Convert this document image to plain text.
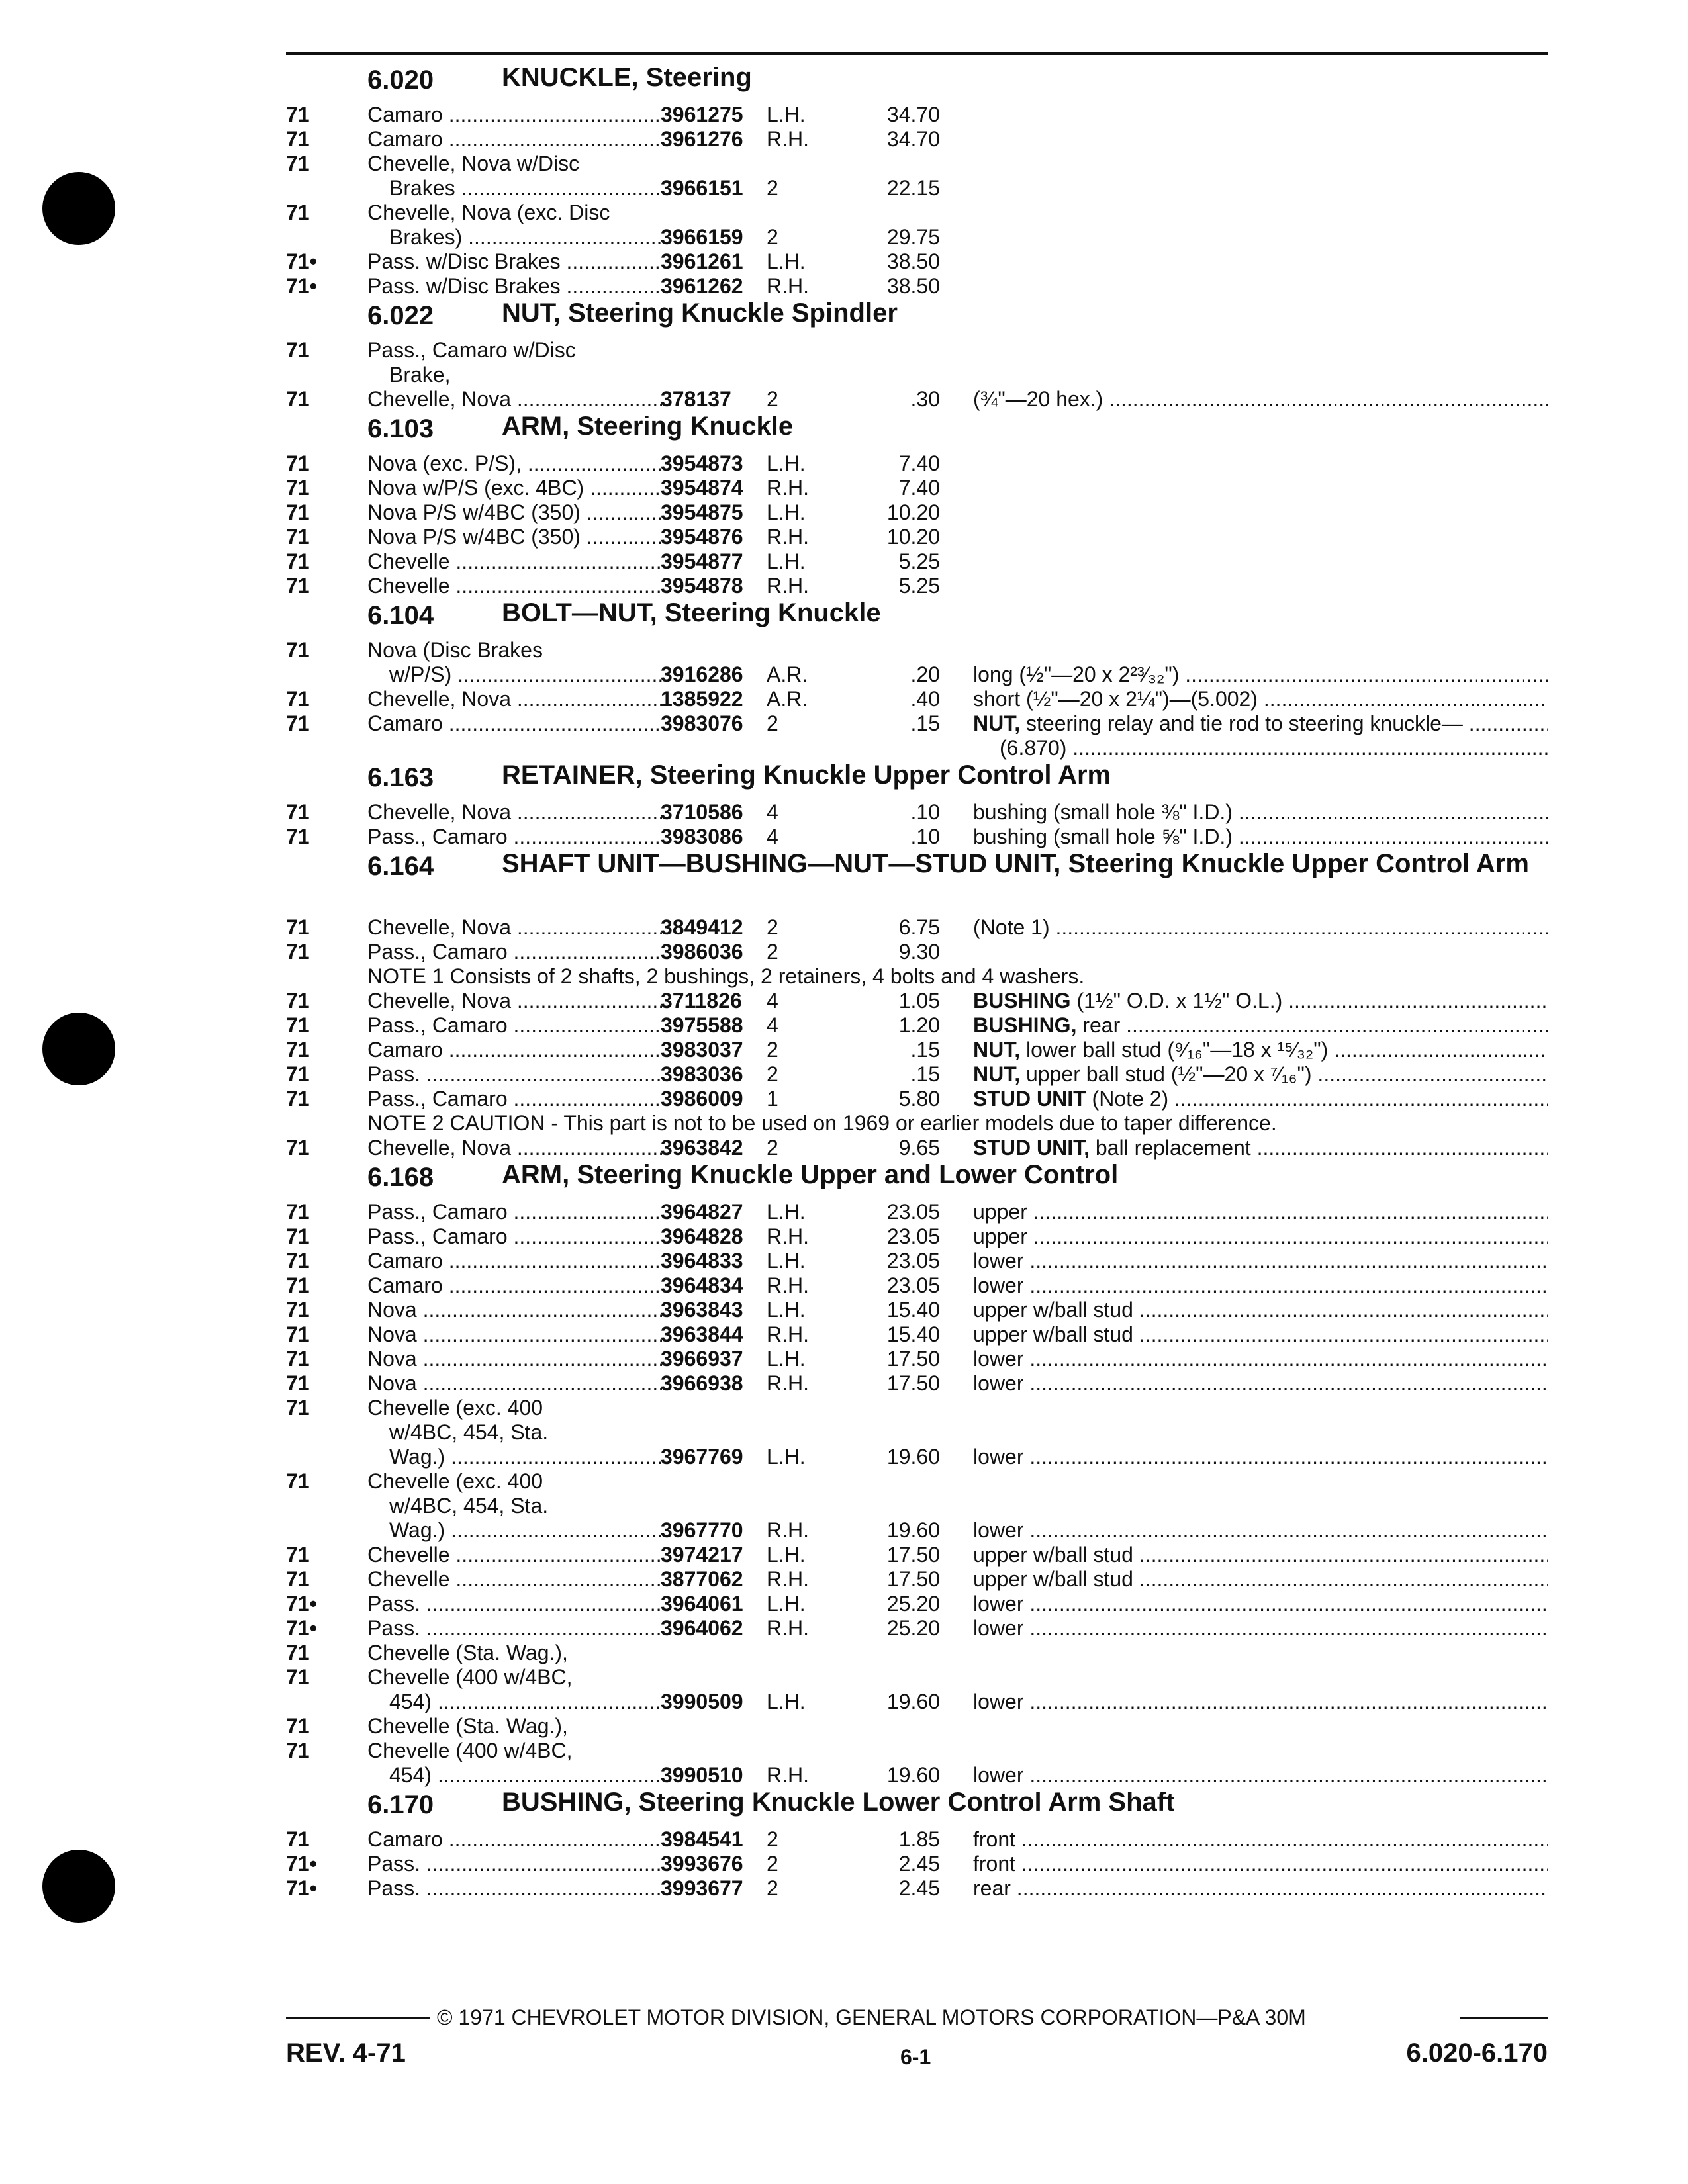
6.020	KNUCKLE, Steering
71	Camaro .....	3961275 L.H.	34.70
71	Camaro .....	3961276 R.H.	34.70
71	Chevelle, Nova w/Disc
Brakes .....	3966151 2	22.15
71	Chevelle, Nova (exc. Disc
Brakes) .....	3966159 2	29.75
71•	Pass. w/Disc Brakes .....	3961261 L.H.	38.50
71•	Pass. w/Disc Brakes .....	3961262 R.H.	38.50
6.022	NUT, Steering Knuckle Spindler
71	Pass., Camaro w/Disc
Brake,
71	Chevelle, Nova .....	378137 2	.30 (¾"—20 hex.) .....
6.103	ARM, Steering Knuckle
71	Nova (exc. P/S), .....	3954873 L.H.	7.40
71	Nova w/P/S (exc. 4BC) .....	3954874 R.H.	7.40
71	Nova P/S w/4BC (350) .....	3954875 L.H.	10.20
71	Nova P/S w/4BC (350) .....	3954876 R.H.	10.20
71	Chevelle .....	3954877 L.H.	5.25
71	Chevelle .....	3954878 R.H.	5.25
6.104	BOLT—NUT, Steering Knuckle
71	Nova (Disc Brakes
w/P/S) .....	3916286 A.R.	.20 long (½"—20 x 2²³⁄₃₂") .....
71	Chevelle, Nova .....	1385922 A.R.	.40 short (½"—20 x 2¼")—(5.002) .....
71	Camaro .....	3983076 2	.15 NUT, steering relay and tie rod to steering knuckle— .....
(6.870) .....
6.163	RETAINER, Steering Knuckle Upper Control Arm
71	Chevelle, Nova .....	3710586 4	.10 bushing (small hole ⅜" I.D.) .....
71	Pass., Camaro .....	3983086 4	.10 bushing (small hole ⅝" I.D.) .....
6.164	SHAFT UNIT—BUSHING—NUT—STUD UNIT, Steering Knuckle Upper Control Arm
71	Chevelle, Nova .....	3849412 2	6.75 (Note 1) .....
71	Pass., Camaro .....	3986036 2	9.30
NOTE 1 Consists of 2 shafts, 2 bushings, 2 retainers, 4 bolts and 4 washers.
71	Chevelle, Nova .....	3711826 4	1.05 BUSHING (1½" O.D. x 1½" O.L.) .....
71	Pass., Camaro .....	3975588 4	1.20 BUSHING, rear .....
71	Camaro .....	3983037 2	.15 NUT, lower ball stud (⁹⁄₁₆"—18 x ¹⁵⁄₃₂") .....
71	Pass. .....	3983036 2	.15 NUT, upper ball stud (½"—20 x ⁷⁄₁₆") .....
71	Pass., Camaro .....	3986009 1	5.80 STUD UNIT (Note 2) .....
NOTE 2 CAUTION - This part is not to be used on 1969 or earlier models due to taper difference.
71	Chevelle, Nova .....	3963842 2	9.65 STUD UNIT, ball replacement .....
6.168	ARM, Steering Knuckle Upper and Lower Control
71	Pass., Camaro .....	3964827 L.H.	23.05 upper .....
71	Pass., Camaro .....	3964828 R.H.	23.05 upper .....
71	Camaro .....	3964833 L.H.	23.05 lower .....
71	Camaro .....	3964834 R.H.	23.05 lower .....
71	Nova .....	3963843 L.H.	15.40 upper w/ball stud .....
71	Nova .....	3963844 R.H.	15.40 upper w/ball stud .....
71	Nova .....	3966937 L.H.	17.50 lower .....
71	Nova .....	3966938 R.H.	17.50 lower .....
71	Chevelle (exc. 400
w/4BC, 454, Sta.
Wag.) .....	3967769 L.H.	19.60 lower .....
71	Chevelle (exc. 400
w/4BC, 454, Sta.
Wag.) .....	3967770 R.H.	19.60 lower .....
71	Chevelle .....	3974217 L.H.	17.50 upper w/ball stud .....
71	Chevelle .....	3877062 R.H.	17.50 upper w/ball stud .....
71•	Pass. .....	3964061 L.H.	25.20 lower .....
71•	Pass. .....	3964062 R.H.	25.20 lower .....
71	Chevelle (Sta. Wag.),
71	Chevelle (400 w/4BC,
454) .....	3990509 L.H.	19.60 lower .....
71	Chevelle (Sta. Wag.),
71	Chevelle (400 w/4BC,
454) .....	3990510 R.H.	19.60 lower .....
6.170	BUSHING, Steering Knuckle Lower Control Arm Shaft
71	Camaro .....	3984541 2	1.85 front .....
71•	Pass. .....	3993676 2	2.45 front .....
71•	Pass. .....	3993677 2	2.45 rear .....
© 1971 CHEVROLET MOTOR DIVISION, GENERAL MOTORS CORPORATION—P&A 30M
REV. 4-71	6-1	6.020-6.170
